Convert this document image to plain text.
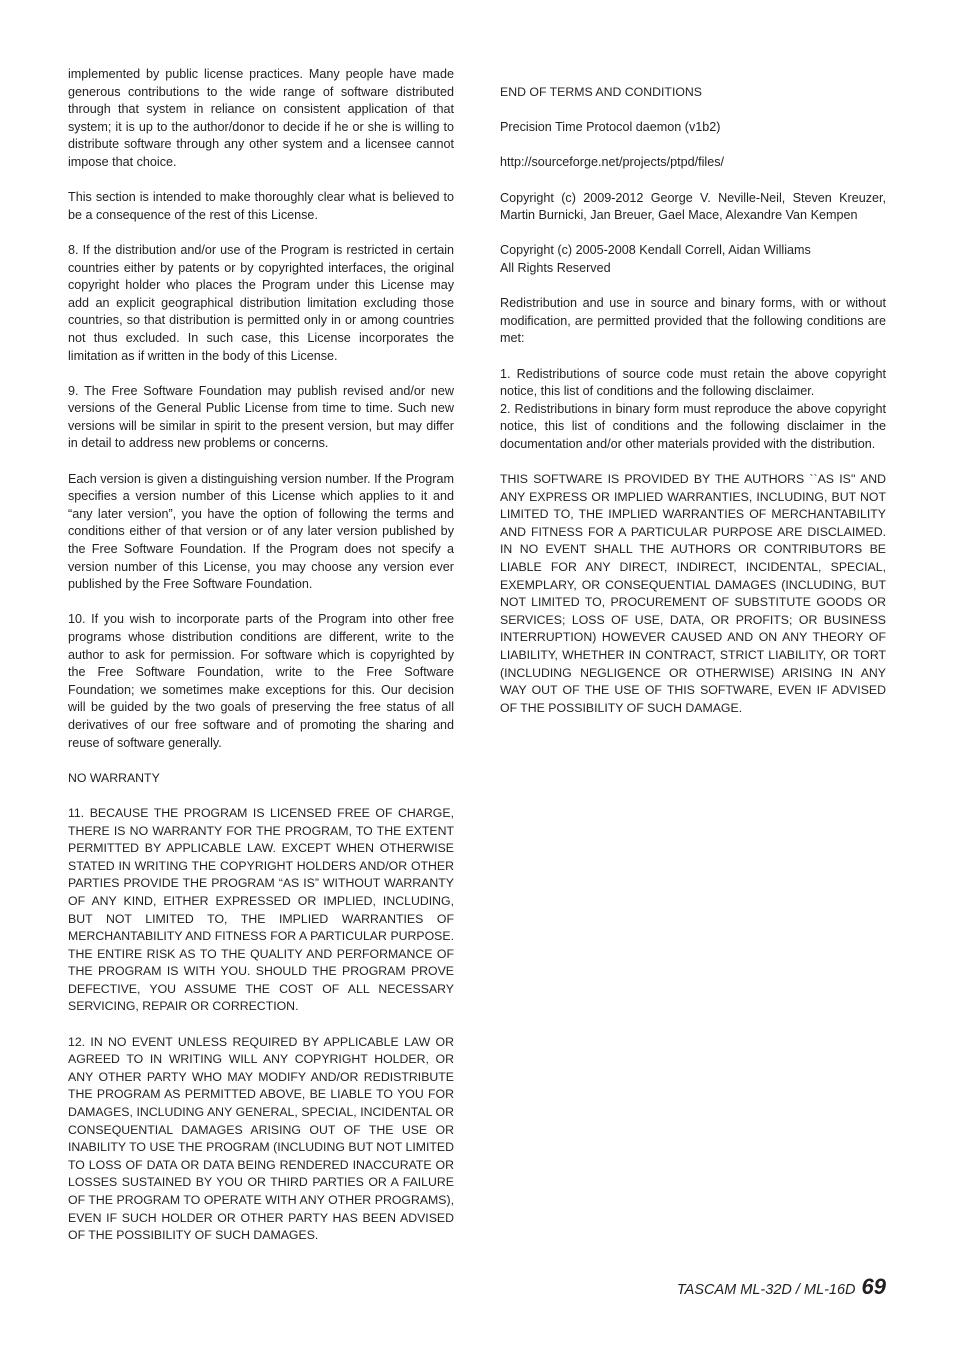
implemented by public license practices. Many people have made generous contributions to the wide range of software distributed through that system in reliance on consistent application of that system; it is up to the author/donor to decide if he or she is willing to distribute software through any other system and a licensee cannot impose that choice.

This section is intended to make thoroughly clear what is believed to be a consequence of the rest of this License.

8. If the distribution and/or use of the Program is restricted in certain countries either by patents or by copyrighted interfaces, the original copyright holder who places the Program under this License may add an explicit geographical distribution limitation excluding those countries, so that distribution is permitted only in or among countries not thus excluded. In such case, this License incorporates the limitation as if written in the body of this License.

9. The Free Software Foundation may publish revised and/or new versions of the General Public License from time to time. Such new versions will be similar in spirit to the present version, but may differ in detail to address new problems or concerns.

Each version is given a distinguishing version number. If the Program specifies a version number of this License which applies to it and “any later version”, you have the option of following the terms and conditions either of that version or of any later version published by the Free Software Foundation. If the Program does not specify a version number of this License, you may choose any version ever published by the Free Software Foundation.

10. If you wish to incorporate parts of the Program into other free programs whose distribution conditions are different, write to the author to ask for permission. For software which is copyrighted by the Free Software Foundation, write to the Free Software Foundation; we sometimes make exceptions for this. Our decision will be guided by the two goals of preserving the free status of all derivatives of our free software and of promoting the sharing and reuse of software generally.

NO WARRANTY

11. BECAUSE THE PROGRAM IS LICENSED FREE OF CHARGE, THERE IS NO WARRANTY FOR THE PROGRAM, TO THE EXTENT PERMITTED BY APPLICABLE LAW. EXCEPT WHEN OTHERWISE STATED IN WRITING THE COPYRIGHT HOLDERS AND/OR OTHER PARTIES PROVIDE THE PROGRAM “AS IS” WITHOUT WARRANTY OF ANY KIND, EITHER EXPRESSED OR IMPLIED, INCLUDING, BUT NOT LIMITED TO, THE IMPLIED WARRANTIES OF MERCHANTABILITY AND FITNESS FOR A PARTICULAR PURPOSE. THE ENTIRE RISK AS TO THE QUALITY AND PERFORMANCE OF THE PROGRAM IS WITH YOU. SHOULD THE PROGRAM PROVE DEFECTIVE, YOU ASSUME THE COST OF ALL NECESSARY SERVICING, REPAIR OR CORRECTION.

12. IN NO EVENT UNLESS REQUIRED BY APPLICABLE LAW OR AGREED TO IN WRITING WILL ANY COPYRIGHT HOLDER, OR ANY OTHER PARTY WHO MAY MODIFY AND/OR REDISTRIBUTE THE PROGRAM AS PERMITTED ABOVE, BE LIABLE TO YOU FOR DAMAGES, INCLUDING ANY GENERAL, SPECIAL, INCIDENTAL OR CONSEQUENTIAL DAMAGES ARISING OUT OF THE USE OR INABILITY TO USE THE PROGRAM (INCLUDING BUT NOT LIMITED TO LOSS OF DATA OR DATA BEING RENDERED INACCURATE OR LOSSES SUSTAINED BY YOU OR THIRD PARTIES OR A FAILURE OF THE PROGRAM TO OPERATE WITH ANY OTHER PROGRAMS), EVEN IF SUCH HOLDER OR OTHER PARTY HAS BEEN ADVISED OF THE POSSIBILITY OF SUCH DAMAGES.

END OF TERMS AND CONDITIONS

Precision Time Protocol daemon (v1b2)

http://sourceforge.net/projects/ptpd/files/

Copyright (c) 2009-2012 George V. Neville-Neil, Steven Kreuzer, Martin Burnicki, Jan Breuer, Gael Mace, Alexandre Van Kempen

Copyright (c) 2005-2008 Kendall Correll, Aidan Williams

All Rights Reserved

Redistribution and use in source and binary forms, with or without modification, are permitted provided that the following conditions are met:

1. Redistributions of source code must retain the above copyright notice, this list of conditions and the following disclaimer.

2. Redistributions in binary form must reproduce the above copyright notice, this list of conditions and the following disclaimer in the documentation and/or other materials provided with the distribution.

THIS SOFTWARE IS PROVIDED BY THE AUTHORS ``AS IS'' AND ANY EXPRESS OR IMPLIED WARRANTIES, INCLUDING, BUT NOT LIMITED TO, THE IMPLIED WARRANTIES OF MERCHANTABILITY AND FITNESS FOR A PARTICULAR PURPOSE ARE DISCLAIMED. IN NO EVENT SHALL THE AUTHORS OR CONTRIBUTORS BE LIABLE FOR ANY DIRECT, INDIRECT, INCIDENTAL, SPECIAL, EXEMPLARY, OR CONSEQUENTIAL DAMAGES (INCLUDING, BUT NOT LIMITED TO, PROCUREMENT OF SUBSTITUTE GOODS OR SERVICES; LOSS OF USE, DATA, OR PROFITS; OR BUSINESS INTERRUPTION) HOWEVER CAUSED AND ON ANY THEORY OF LIABILITY, WHETHER IN CONTRACT, STRICT LIABILITY, OR TORT (INCLUDING NEGLIGENCE OR OTHERWISE) ARISING IN ANY WAY OUT OF THE USE OF THIS SOFTWARE, EVEN IF ADVISED OF THE POSSIBILITY OF SUCH DAMAGE.

TASCAM ML-32D / ML-16D 69
